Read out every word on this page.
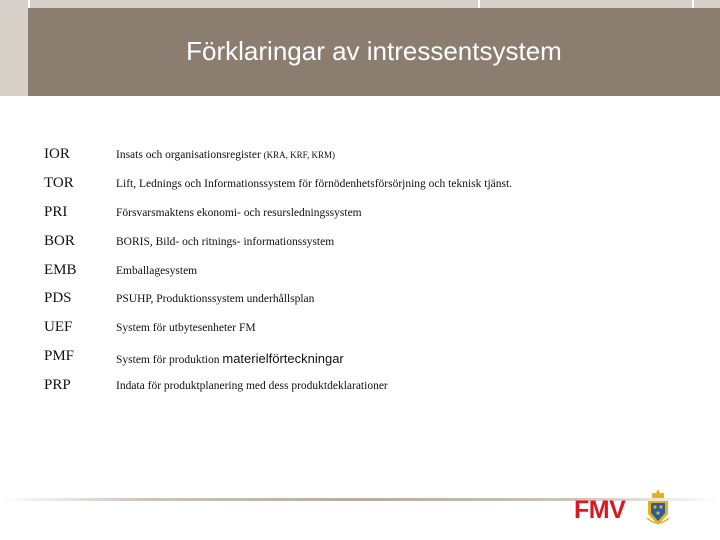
Förklaringar av intressentsystem
IOR	Insats och organisationsregister (KRA, KRF, KRM)
TOR	Lift, Lednings och Informationssystem för förnödenhetsförsörjning och teknisk tjänst.
PRI	Försvarsmaktens ekonomi- och resursledningssystem
BOR	BORIS, Bild- och ritnings- informationssystem
EMB	Emballagesystem
PDS	PSUHP, Produktionssystem underhållsplan
UEF	System för utbytesenheter FM
PMF	System för produktion materielförteckningar
PRP	Indata för produktplanering med dess produktdeklarationer
FMV
